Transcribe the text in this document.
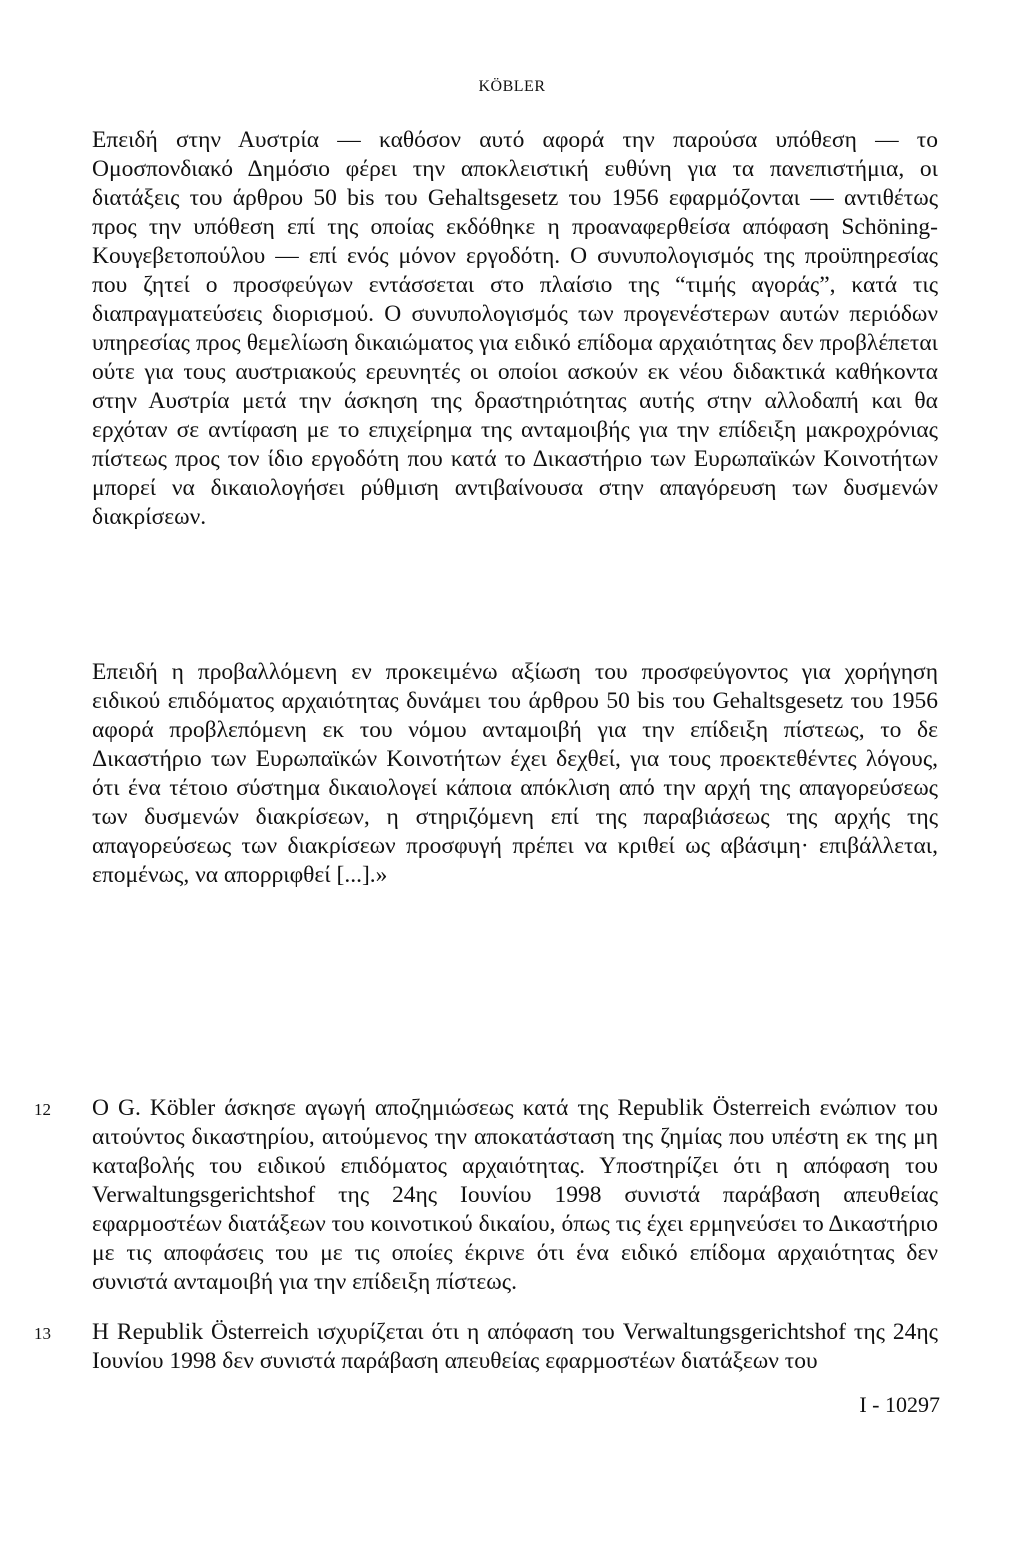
KÖBLER

Επειδή στην Αυστρία — καθόσον αυτό αφορά την παρούσα υπόθεση — το Ομοσπονδιακό Δημόσιο φέρει την αποκλειστική ευθύνη για τα πανεπιστήμια, οι διατάξεις του άρθρου 50 bis του Gehaltsgesetz του 1956 εφαρμόζονται — αντιθέτως προς την υπόθεση επί της οποίας εκδόθηκε η προαναφερθείσα απόφαση Schöning-Κουγεβετοπούλου — επί ενός μόνον εργοδότη. Ο συνυπολογισμός της προϋπηρεσίας που ζητεί ο προσφεύγων εντάσσεται στο πλαίσιο της “τιμής αγοράς”, κατά τις διαπραγματεύσεις διορισμού. Ο συνυπολογισμός των προγενέστερων αυτών περιόδων υπηρεσίας προς θεμελίωση δικαιώματος για ειδικό επίδομα αρχαιότητας δεν προβλέπεται ούτε για τους αυστριακούς ερευνητές οι οποίοι ασκούν εκ νέου διδακτικά καθήκοντα στην Αυστρία μετά την άσκηση της δραστηριότητας αυτής στην αλλοδαπή και θα ερχόταν σε αντίφαση με το επιχείρημα της ανταμοιβής για την επίδειξη μακροχρόνιας πίστεως προς τον ίδιο εργοδότη που κατά το Δικαστήριο των Ευρωπαϊκών Κοινοτήτων μπορεί να δικαιολογήσει ρύθμιση αντιβαίνουσα στην απαγόρευση των δυσμενών διακρίσεων.

Επειδή η προβαλλόμενη εν προκειμένω αξίωση του προσφεύγοντος για χορήγηση ειδικού επιδόματος αρχαιότητας δυνάμει του άρθρου 50 bis του Gehaltsgesetz του 1956 αφορά προβλεπόμενη εκ του νόμου ανταμοιβή για την επίδειξη πίστεως, το δε Δικαστήριο των Ευρωπαϊκών Κοινοτήτων έχει δεχθεί, για τους προεκτεθέντες λόγους, ότι ένα τέτοιο σύστημα δικαιολογεί κάποια απόκλιση από την αρχή της απαγορεύσεως των δυσμενών διακρίσεων, η στηριζόμενη επί της παραβιάσεως της αρχής της απαγορεύσεως των διακρίσεων προσφυγή πρέπει να κριθεί ως αβάσιμη· επιβάλλεται, επομένως, να απορριφθεί [...].»

12 Ο G. Köbler άσκησε αγωγή αποζημιώσεως κατά της Republik Österreich ενώπιον του αιτούντος δικαστηρίου, αιτούμενος την αποκατάσταση της ζημίας που υπέστη εκ της μη καταβολής του ειδικού επιδόματος αρχαιότητας. Υποστηρίζει ότι η απόφαση του Verwaltungsgerichtshof της 24ης Ιουνίου 1998 συνιστά παράβαση απευθείας εφαρμοστέων διατάξεων του κοινοτικού δικαίου, όπως τις έχει ερμηνεύσει το Δικαστήριο με τις αποφάσεις του με τις οποίες έκρινε ότι ένα ειδικό επίδομα αρχαιότητας δεν συνιστά ανταμοιβή για την επίδειξη πίστεως.

13 Η Republik Österreich ισχυρίζεται ότι η απόφαση του Verwaltungsgerichtshof της 24ης Ιουνίου 1998 δεν συνιστά παράβαση απευθείας εφαρμοστέων διατάξεων του

I - 10297
